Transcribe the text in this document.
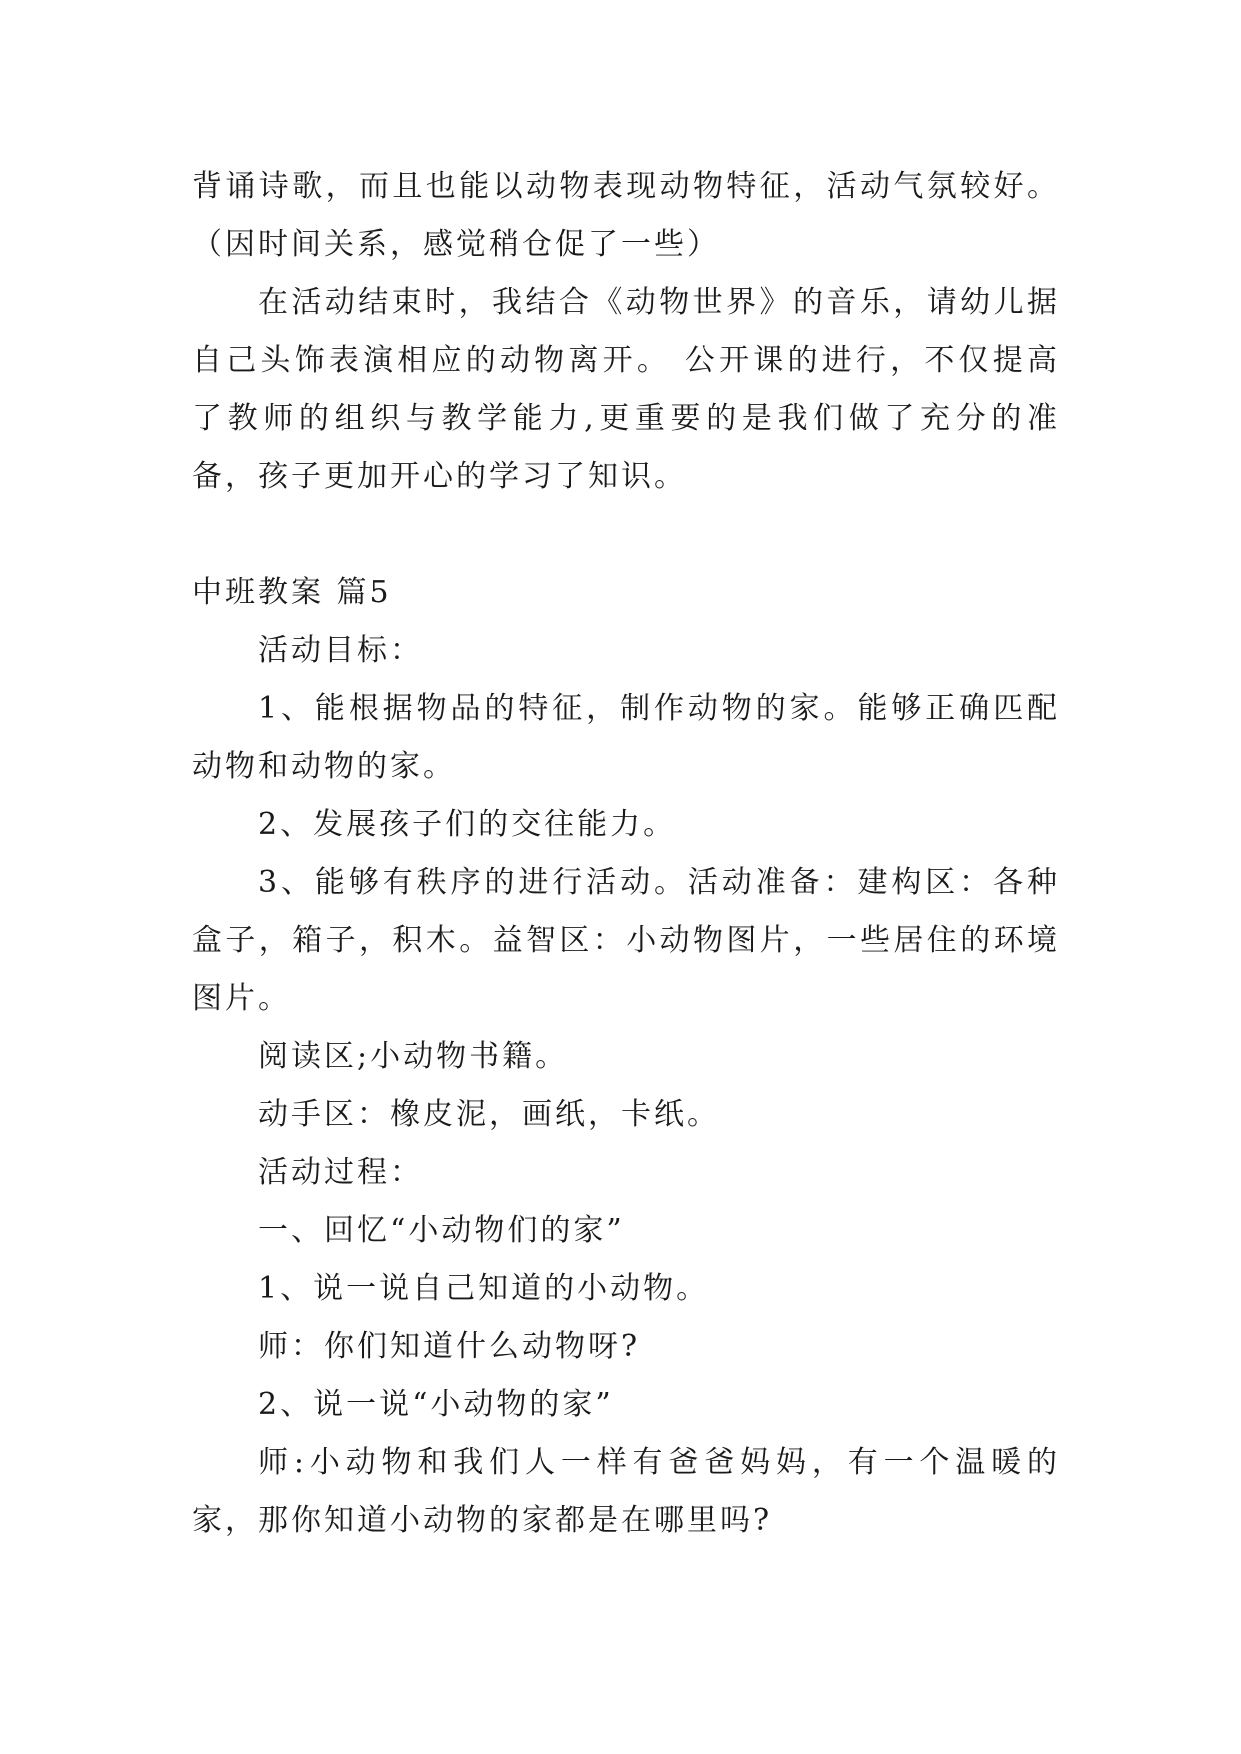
背诵诗歌，而且也能以动物表现动物特征，活动气氛较好。（因时间关系，感觉稍仓促了一些）

在活动结束时，我结合《动物世界》的音乐，请幼儿据自己头饰表演相应的动物离开。 公开课的进行，不仅提高了教师的组织与教学能力,更重要的是我们做了充分的准备，孩子更加开心的学习了知识。

中班教案 篇5

活动目标：

1、能根据物品的特征，制作动物的家。能够正确匹配动物和动物的家。

2、发展孩子们的交往能力。

3、能够有秩序的进行活动。活动准备：建构区：各种盒子，箱子，积木。益智区：小动物图片，一些居住的环境图片。

阅读区;小动物书籍。

动手区：橡皮泥，画纸，卡纸。

活动过程：

一、回忆“小动物们的家”

1、说一说自己知道的小动物。

师：你们知道什么动物呀?

2、说一说“小动物的家”

师:小动物和我们人一样有爸爸妈妈，有一个温暖的家，那你知道小动物的家都是在哪里吗?
